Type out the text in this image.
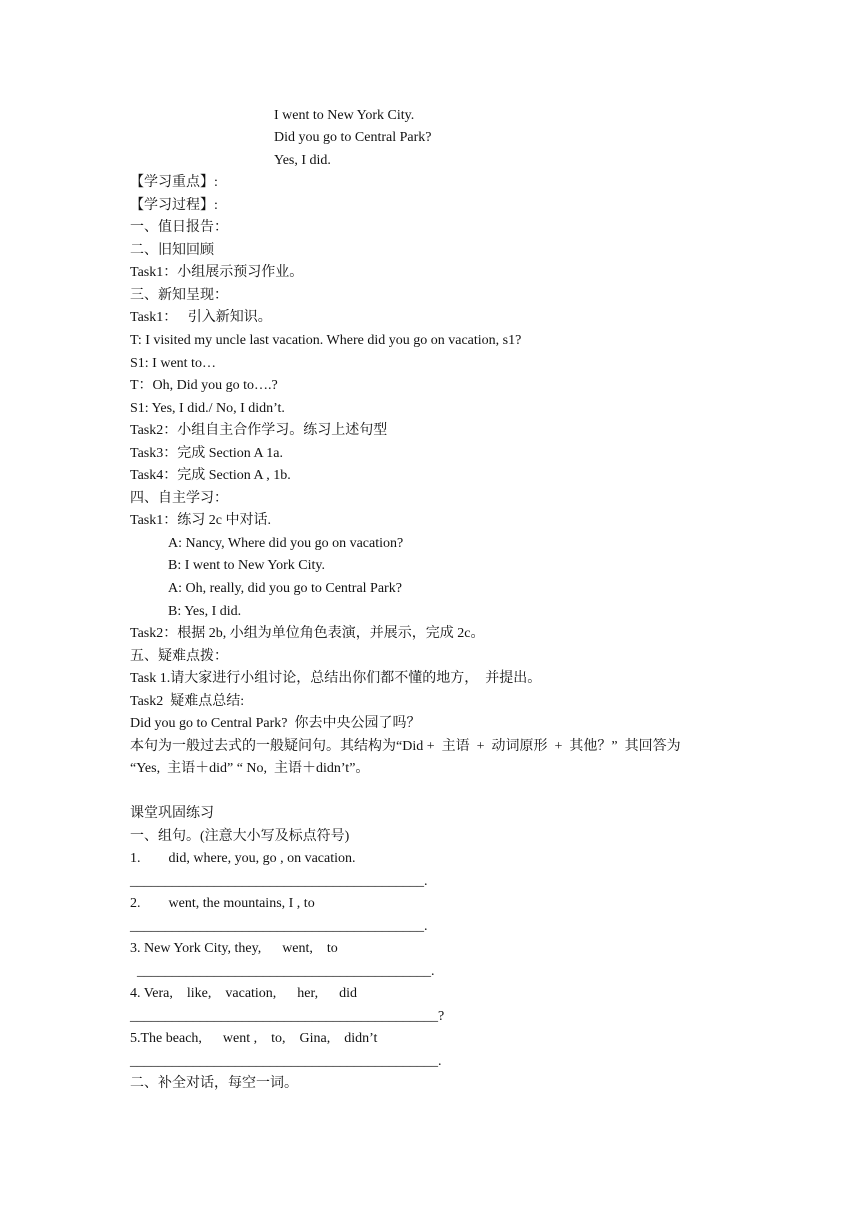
I went to New York City.
Did you go to Central Park?
Yes, I did.
【学习重点】:
【学习过程】:
一、值日报告：
二、旧知回顾
Task1：小组展示预习作业。
三、新知呈现：
Task1：   引入新知识。
T: I visited my uncle last vacation. Where did you go on vacation, s1?
S1: I went to…
T：Oh, Did you go to….?
S1: Yes, I did./ No, I didn’t.
Task2：小组自主合作学习。练习上述句型
Task3：完成 Section A 1a.
Task4：完成 Section A , 1b.
四、自主学习：
Task1：练习 2c 中对话.
A: Nancy, Where did you go on vacation?
B: I went to New York City.
A: Oh, really, did you go to Central Park?
B: Yes, I did.
Task2：根据 2b, 小组为单位角色表演，并展示，完成 2c。
五、疑难点拨：
Task 1.请大家进行小组讨论，总结出你们都不懂的地方，  并提出。
Task2  疑难点总结:
Did you go to Central Park?  你去中央公园了吗？
本句为一般过去式的一般疑问句。其结构为“Did +  主语  +  动词原形  +  其他？”  其回答为
“Yes,  主语＋did” “ No,  主语＋didn’t”。
课堂巩固练习
一、组句。(注意大小写及标点符号)
1.        did, where, you, go , on vacation.
__________________________________________.
2.        went, the mountains, I , to
__________________________________________.
3. New York City, they,      went,    to
__________________________________________.
4. Vera,    like,    vacation,      her,      did
____________________________________________?
5.The beach,      went ,    to,    Gina,    didn’t
____________________________________________.
二、补全对话，每空一词。
